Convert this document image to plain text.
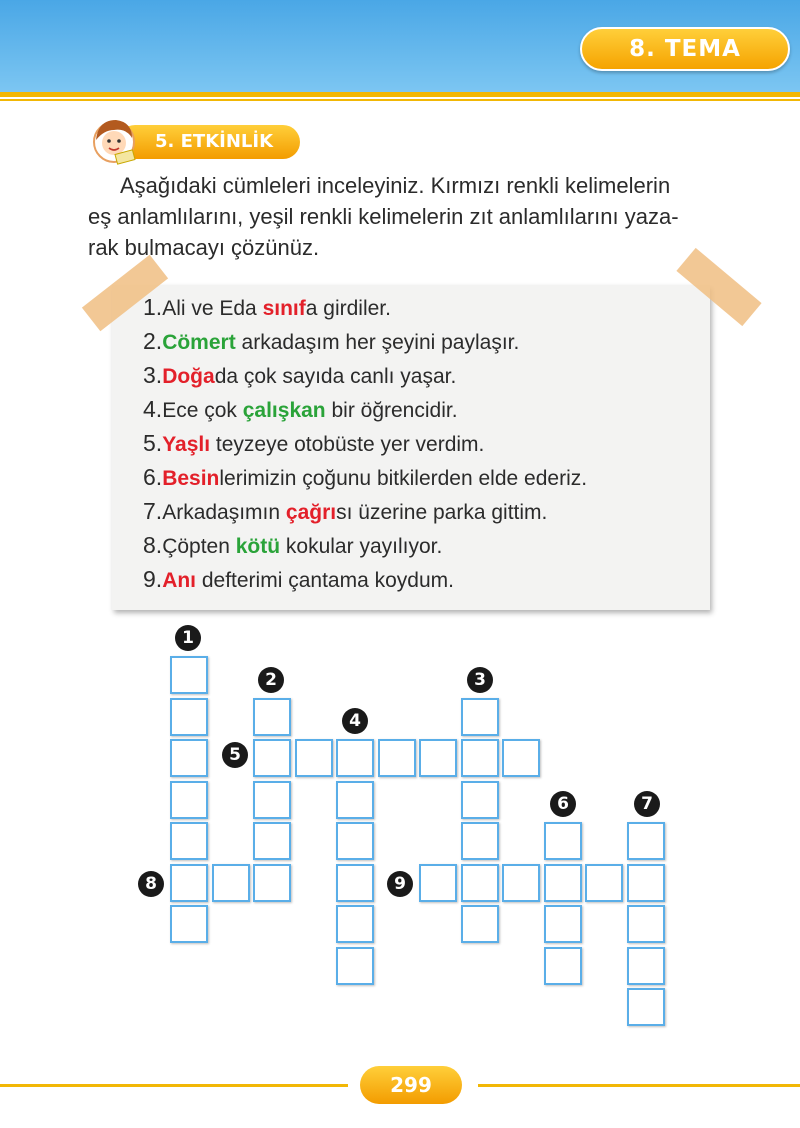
8. TEMA
5. ETKİNLİK

Aşağıdaki cümleleri inceleyiniz. Kırmızı renkli kelimelerin

eş anlamlılarını, yeşil renkli kelimelerin zıt anlamlılarını yaza-

rak bulmacayı çözünüz.

1.Ali ve Eda sınıfa girdiler.
2.Cömert arkadaşım her şeyini paylaşır.
3.Doğada çok sayıda canlı yaşar.
4.Ece çok çalışkan bir öğrencidir.
5.Yaşlı teyzeye otobüste yer verdim.
6.Besinlerimizin çoğunu bitkilerden elde ederiz.
7.Arkadaşımın çağrısı üzerine parka gittim.
8.Çöpten kötü kokular yayılıyor.
9.Anı defterimi çantama koydum.
1
2	3
4
5
6	7
8	9
299
